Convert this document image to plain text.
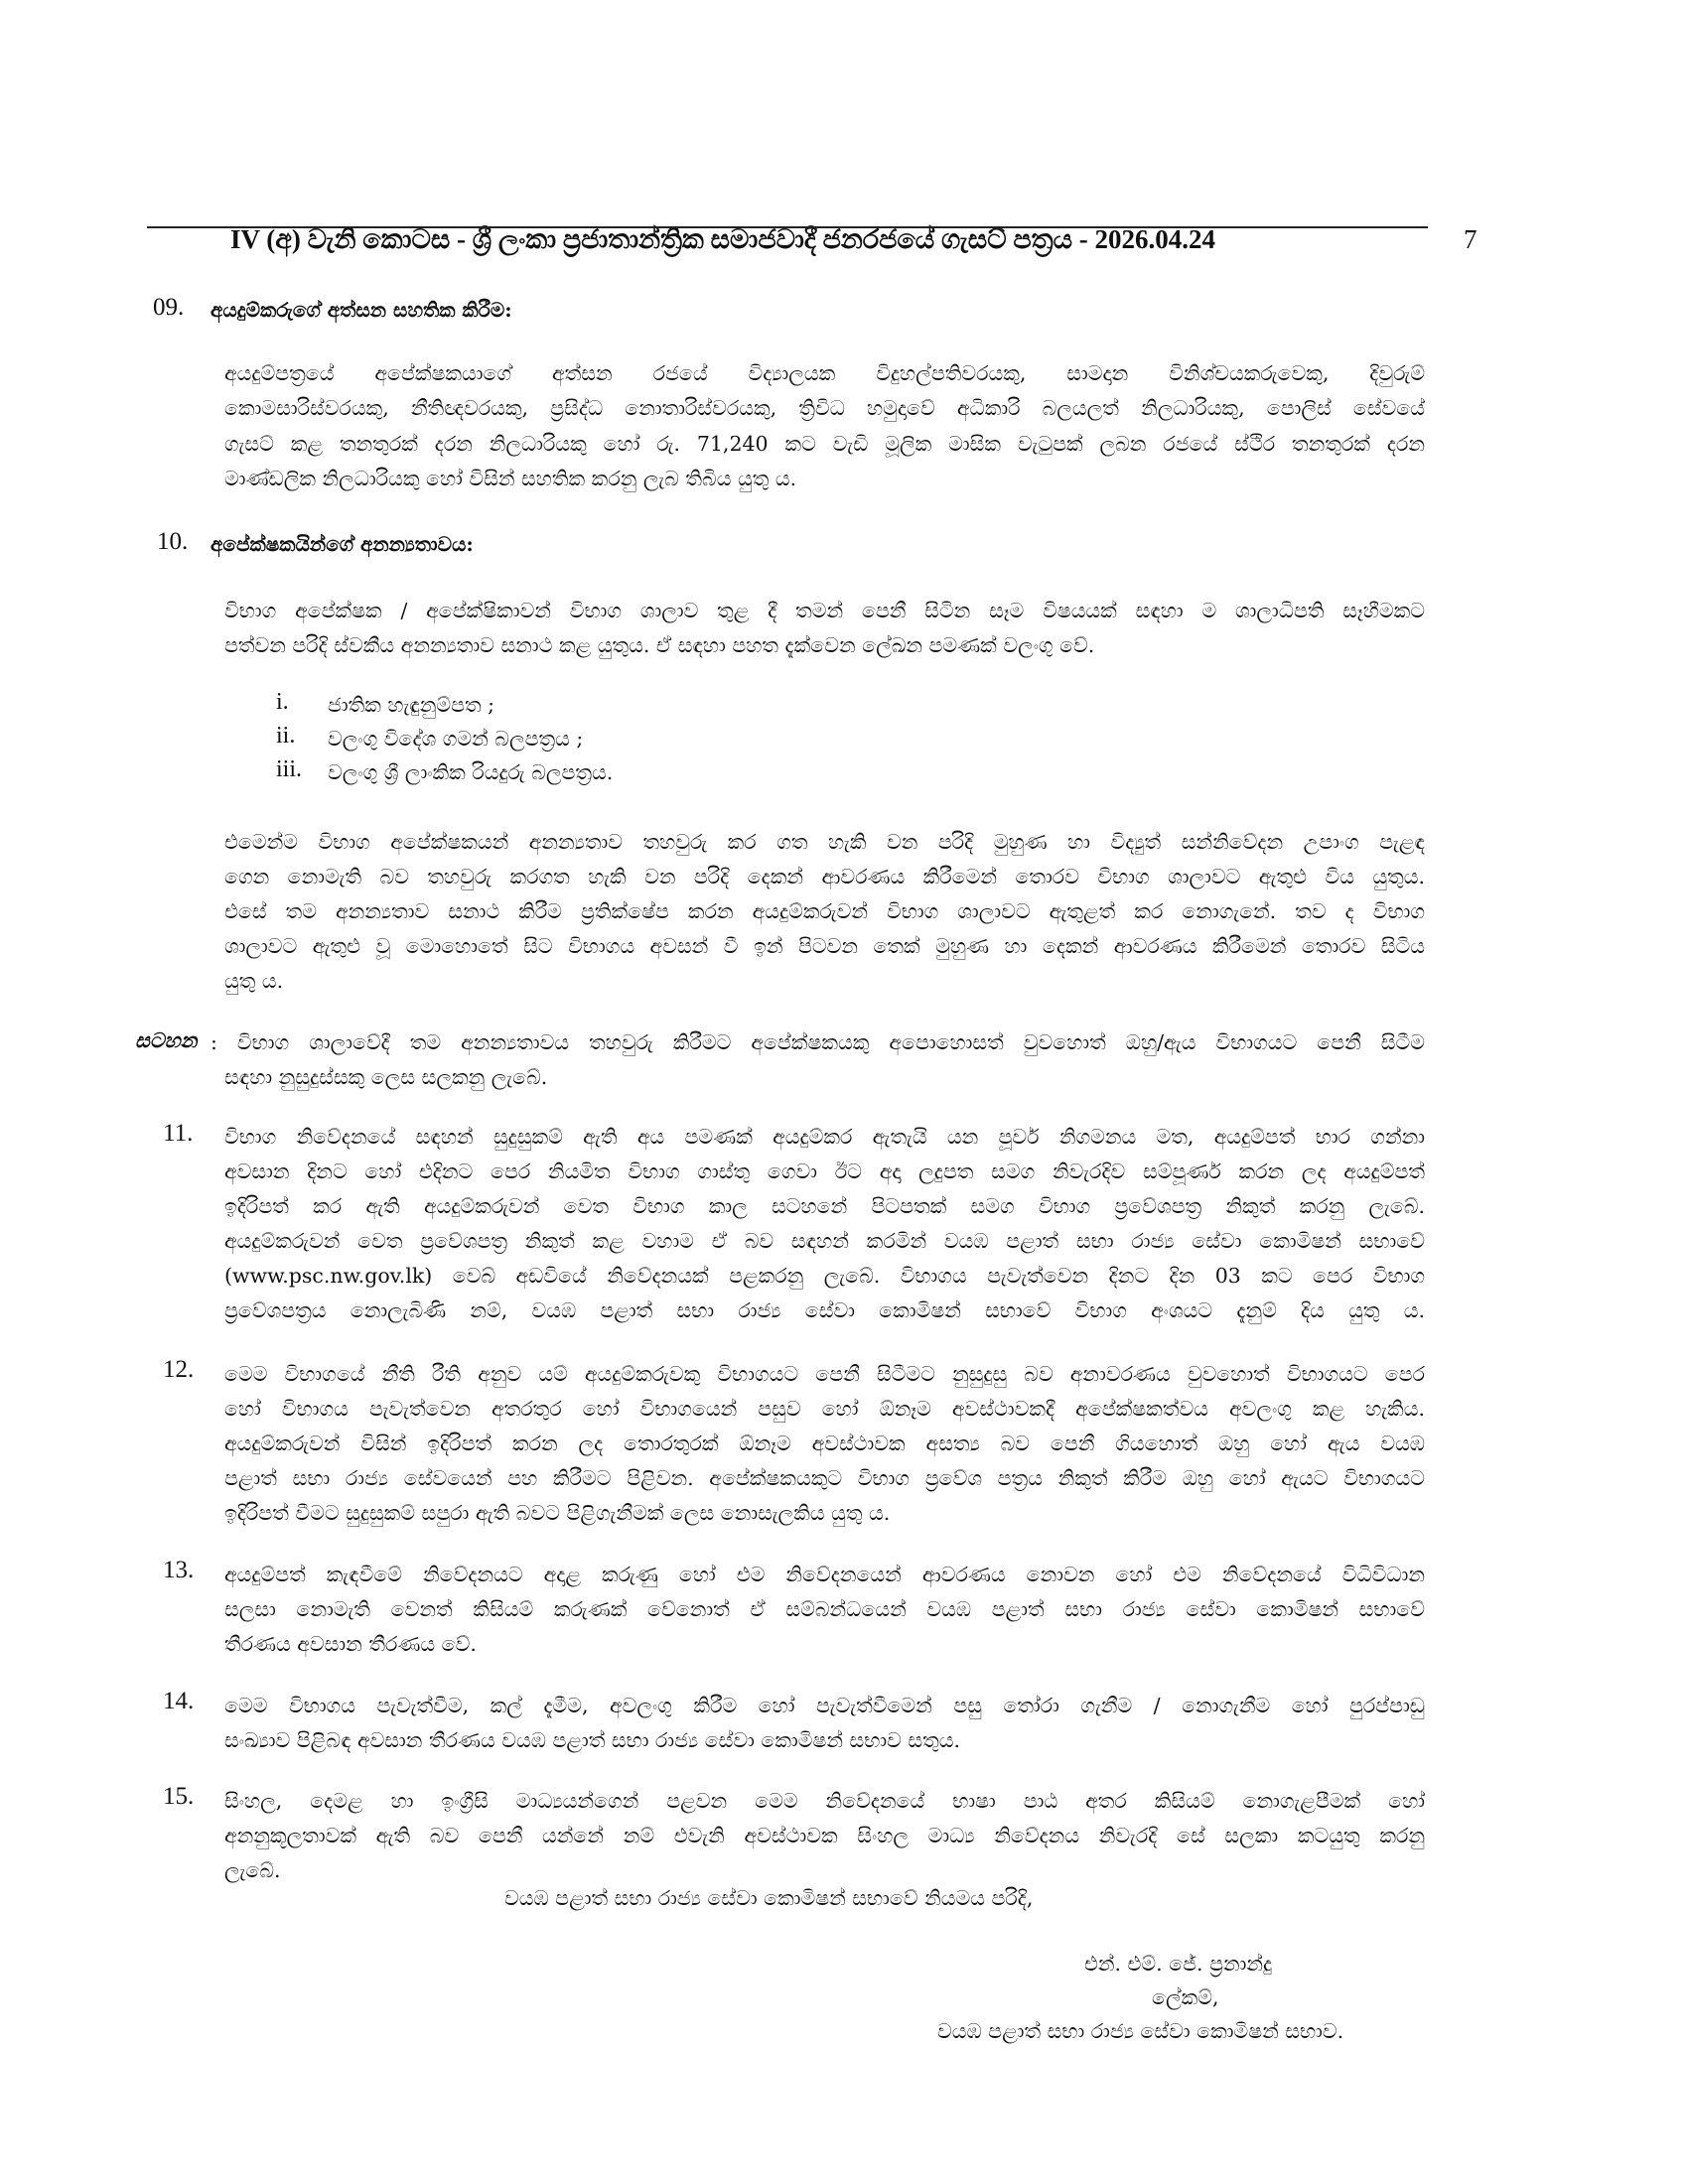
IV (අ) වැනි කොටස - ශ්‍රී ලංකා ප්‍රජාතාන්ත්‍රික සමාජවාදී ජනරජයේ ගැසට් පත්‍රය - 2026.04.24	7
09. අයදුම්කරුගේ අත්සන සහතික කිරීම:
අයදුම්පත්‍රයේ අපේක්ෂකයාගේ අත්සන රජයේ විද්‍යාලයක විදුහල්පතිවරයකු, සාමදාන විනිශ්චයකරුවෙකු, දිවුරුම්
කොමසාරිස්වරයකු, නීතිඥවරයකු, ප්‍රසිද්ධ නොතාරිස්වරයකු, ත්‍රිවිධ හමුදාවේ අධිකාරි බලයලත් නිලධාරියකු, පොලිස් සේවයේ
ගැසට් කළ තනතුරක් දරන නිලධාරියකු හෝ රු. 71,240 කට වැඩි මූලික මාසික වැටුපක් ලබන රජයේ ස්ථිර තනතුරක් දරන
මාණ්ඩලික නිලධාරියකු හෝ විසින් සහතික කරනු ලැබ තිබිය යුතු ය.
10. අපේක්ෂකයින්ගේ අනන්‍යතාවය:
විභාග අපේක්ෂක / අපේක්ෂිකාවන් විභාග ශාලාව තුළ දී තමන් පෙනී සිටින සෑම විෂයයක් සඳහා ම ශාලාධිපති සෑහීමකට
පත්වන පරිදි ස්වකීය අනන්‍යතාව සනාථ කළ යුතුය. ඒ සඳහා පහත දැක්වෙන ලේඛන පමණක් වලංගු වේ.
i. ජාතික හැඳුනුම්පත ;
ii. වලංගු විදේශ ගමන් බලපත්‍රය ;
iii. වලංගු ශ්‍රී ලාංකික රියදුරු බලපත්‍රය.
එමෙන්ම විභාග අපේක්ෂකයන් අනන්‍යතාව තහවුරු කර ගත හැකි වන පරිදි මුහුණ හා විද්‍යුත් සන්නිවේදන උපාංග පැළඳ
ගෙන නොමැති බව තහවුරු කරගත හැකි වන පරිදි දෙකන් ආවරණය කිරීමෙන් තොරව විභාග ශාලාවට ඇතුළු විය යුතුය.
එසේ තම අනන්‍යතාව සනාථ කිරීම ප්‍රතික්ෂේප කරන අයදුම්කරුවන් විභාග ශාලාවට ඇතුළත් කර නොගැනේ. තව ද විභාග
ශාලාවට ඇතුළු වූ මොහොතේ සිට විභාගය අවසන් වී ඉන් පිටවන තෙක් මුහුණ හා දෙකන් ආවරණය කිරීමෙන් තොරව සිටිය
යුතු ය.
සටහන : විභාග ශාලාවේදී තම අනන්‍යතාවය තහවුරු කිරීමට අපේක්ෂකයකු අපොහොසත් වුවහොත් ඔහු/ඇය විභාගයට පෙනී සිටීම
සඳහා නුසුදුස්සකු ලෙස සලකනු ලැබේ.
11. විභාග නිවේදනයේ සඳහන් සුදුසුකම් ඇති අය පමණක් අයදුම්කර ඇතැයි යන පූර්ව නිගමනය මත, අයදුම්පත් භාර ගන්නා
අවසාන දිනට හෝ එදිනට පෙර නියමිත විභාග ගාස්තු ගෙවා ඊට අදා ලදුපත සමග නිවැරදිව සම්පූර්ණ කරන ලද අයදුම්පත්
ඉදිරිපත් කර ඇති අයදුම්කරුවන් වෙත විභාග කාල සටහනේ පිටපතක් සමග විභාග ප්‍රවේශපත්‍ර නිකුත් කරනු ලැබේ.
අයදුම්කරුවන් වෙත ප්‍රවේශපත්‍ර නිකුත් කළ වහාම ඒ බව සඳහන් කරමින් වයඹ පළාත් සභා රාජ්‍ය සේවා කොමිෂන් සභාවේ
(www.psc.nw.gov.lk) වෙබ් අඩවියේ නිවේදනයක් පළකරනු ලැබේ. විභාගය පැවැත්වෙන දිනට දින 03 කට පෙර විභාග
ප්‍රවේශපත්‍රය නොලැබිණි නම්, වයඹ පළාත් සභා රාජ්‍ය සේවා කොමිෂන් සභාවේ විභාග අංශයට දැනුම් දිය යුතු ය.
12. මෙම විභාගයේ නීති රීති අනුව යම් අයදුම්කරුවකු විභාගයට පෙනී සිටීමට නුසුදුසු බව අනාවරණය වුවහොත් විභාගයට පෙර
හෝ විභාගය පැවැත්වෙන අතරතුර හෝ විභාගයෙන් පසුව හෝ ඕනෑම අවස්ථාවකදී අපේක්ෂකත්වය අවලංගු කළ හැකිය.
අයදුම්කරුවන් විසින් ඉදිරිපත් කරන ලද තොරතුරක් ඕනෑම අවස්ථාවක අසත්‍ය බව පෙනී ගියහොත් ඔහු හෝ ඇය වයඹ
පළාත් සභා රාජ්‍ය සේවයෙන් පහ කිරීමට පිළිවන. අපේක්ෂකයකුට විභාග ප්‍රවේශ පත්‍රය නිකුත් කිරීම ඔහු හෝ ඇයට විභාගයට
ඉදිරිපත් වීමට සුදුසුකම් සපුරා ඇති බවට පිළිගැනීමක් ලෙස නොසැලකිය යුතු ය.
13. අයදුම්පත් කැඳවීමේ නිවේදනයට අදාළ කරුණු හෝ එම නිවේදනයෙන් ආවරණය නොවන හෝ එම නිවේදනයේ විධිවිධාන
සලසා නොමැති වෙනත් කිසියම් කරුණක් වේනොත් ඒ සම්බන්ධයෙන් වයඹ පළාත් සභා රාජ්‍ය සේවා කොමිෂන් සභාවේ
තීරණය අවසාන තීරණය වේ.
14. මෙම විභාගය පැවැත්වීම, කල් දැමීම, අවලංගු කිරීම හෝ පැවැත්වීමෙන් පසු තෝරා ගැනීම / නොගැනීම හෝ පුරප්පාඩු
සංඛ්‍යාව පිළිබඳ අවසාන තීරණය වයඹ පළාත් සභා රාජ්‍ය සේවා කොමිෂන් සභාව සතුය.
15. සිංහල, දෙමළ හා ඉංග්‍රීසි මාධ්‍යයන්ගෙන් පළවන මෙම නිවේදනයේ භාෂා පාඨ අතර කිසියම් නොගැළපීමක් හෝ
අනනුකූලතාවක් ඇති බව පෙනී යන්නේ නම් එවැනි අවස්ථාවක සිංහල මාධ්‍ය නිවේදනය නිවැරදි සේ සලකා කටයුතු කරනු
ලැබේ.
වයඹ පළාත් සභා රාජ්‍ය සේවා කොමිෂන් සභාවේ නියමය පරිදි,
එන්. එම්. ජේ. ප්‍රනාන්දු
ලේකම්,
වයඹ පළාත් සභා රාජ්‍ය සේවා කොමිෂන් සභාව.
